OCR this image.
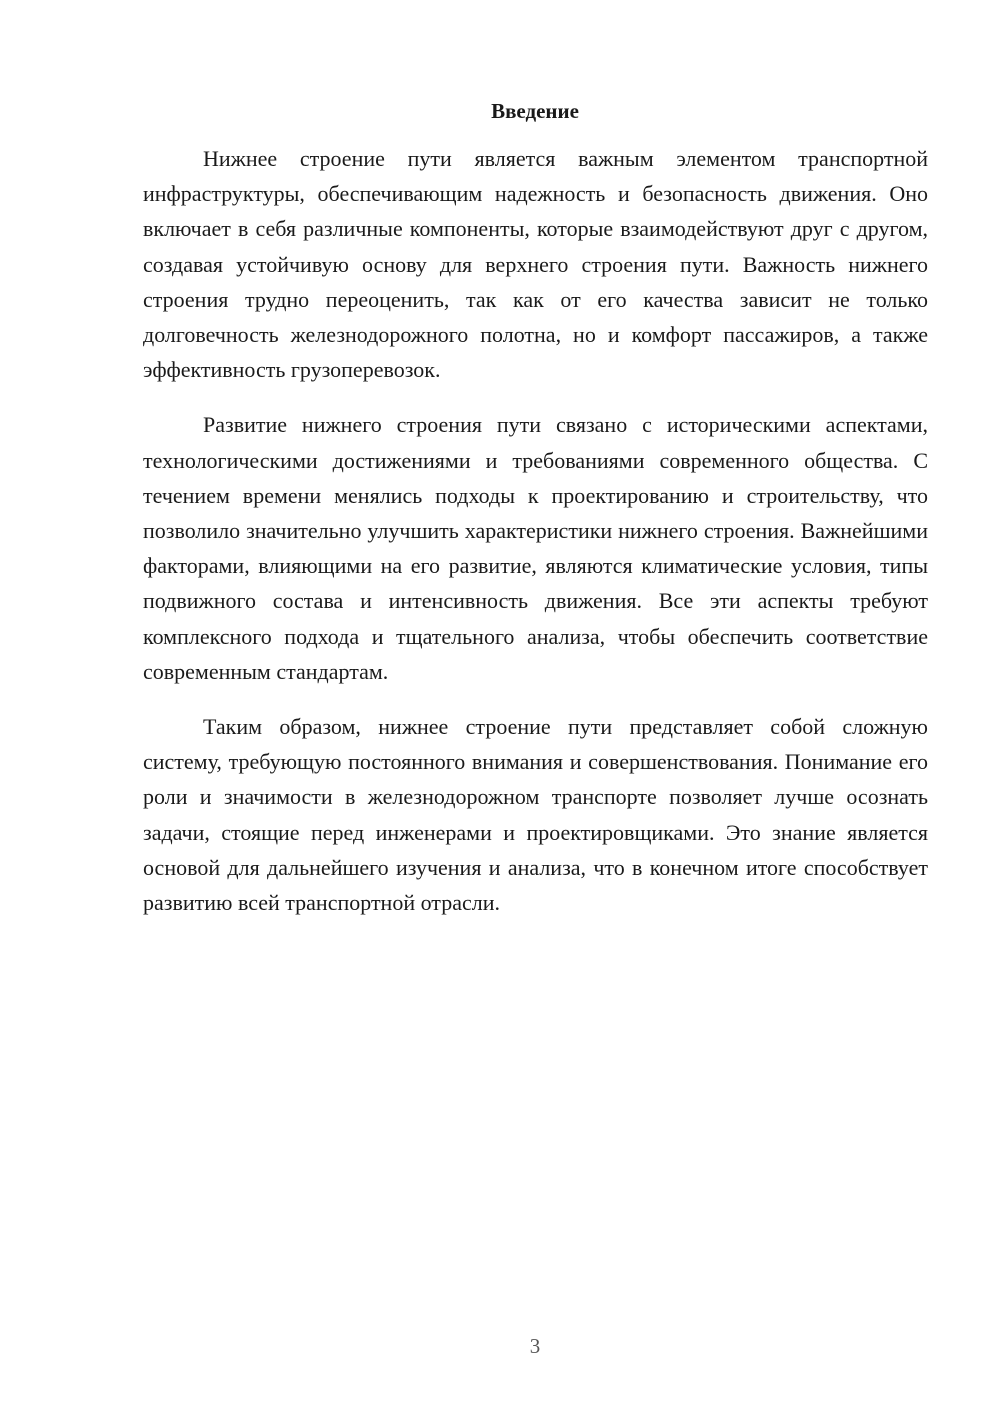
Введение

Нижнее строение пути является важным элементом транспортной инфраструктуры, обеспечивающим надежность и безопасность движения. Оно включает в себя различные компоненты, которые взаимодействуют друг с другом, создавая устойчивую основу для верхнего строения пути. Важность нижнего строения трудно переоценить, так как от его качества зависит не только долговечность железнодорожного полотна, но и комфорт пассажиров, а также эффективность грузоперевозок.

Развитие нижнего строения пути связано с историческими аспектами, технологическими достижениями и требованиями современного общества. С течением времени менялись подходы к проектированию и строительству, что позволило значительно улучшить характеристики нижнего строения. Важнейшими факторами, влияющими на его развитие, являются климатические условия, типы подвижного состава и интенсивность движения. Все эти аспекты требуют комплексного подхода и тщательного анализа, чтобы обеспечить соответствие современным стандартам.

Таким образом, нижнее строение пути представляет собой сложную систему, требующую постоянного внимания и совершенствования. Понимание его роли и значимости в железнодорожном транспорте позволяет лучше осознать задачи, стоящие перед инженерами и проектировщиками. Это знание является основой для дальнейшего изучения и анализа, что в конечном итоге способствует развитию всей транспортной отрасли.

3
